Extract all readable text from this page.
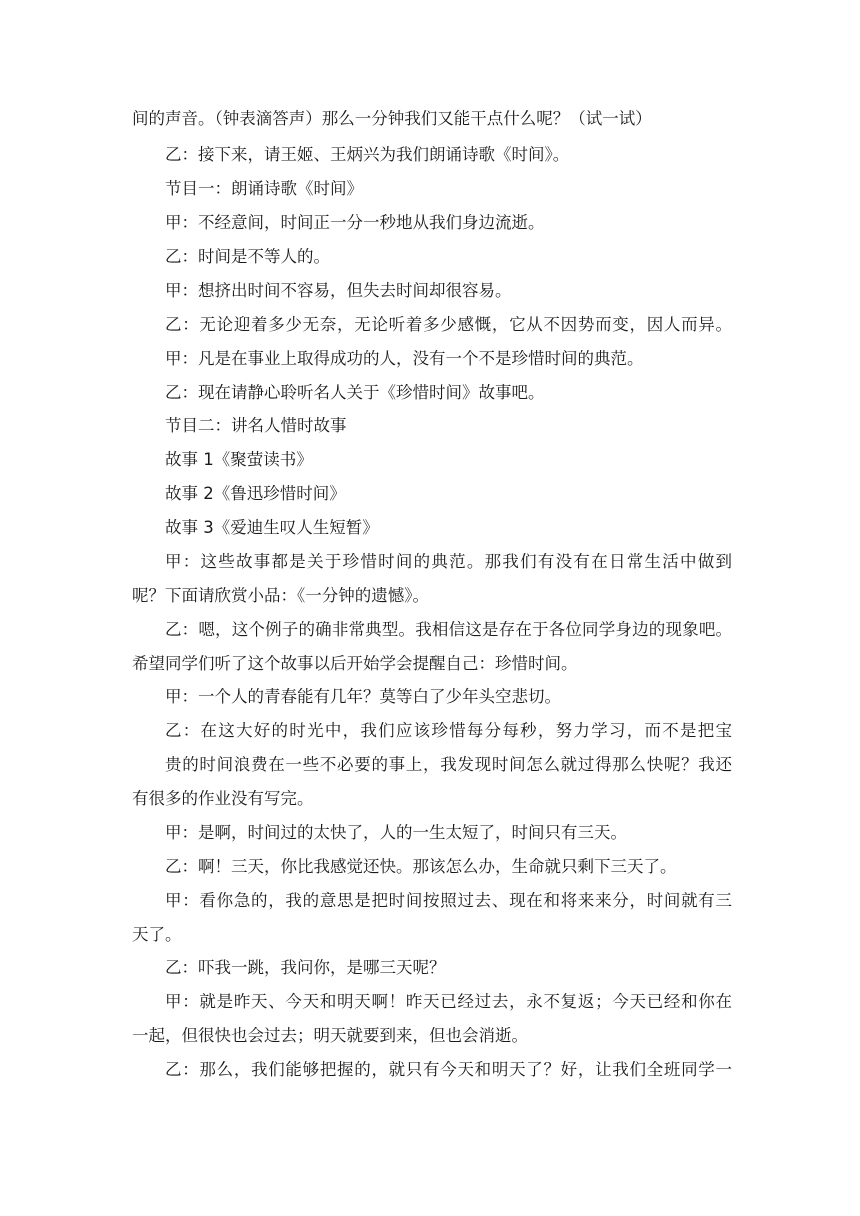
间的声音。（钟表滴答声）那么一分钟我们又能干点什么呢？（试一试）
乙：接下来，请王姬、王炳兴为我们朗诵诗歌《时间》。
节目一：朗诵诗歌《时间》
甲：不经意间，时间正一分一秒地从我们身边流逝。
乙：时间是不等人的。
甲：想挤出时间不容易，但失去时间却很容易。
乙：无论迎着多少无奈，无论听着多少感慨，它从不因势而变，因人而异。
甲：凡是在事业上取得成功的人，没有一个不是珍惜时间的典范。
乙：现在请静心聆听名人关于《珍惜时间》故事吧。
节目二：讲名人惜时故事
故事 1《聚萤读书》
故事 2《鲁迅珍惜时间》
故事 3《爱迪生叹人生短暂》
甲：这些故事都是关于珍惜时间的典范。那我们有没有在日常生活中做到
呢？下面请欣赏小品：《一分钟的遗憾》。
乙：嗯，这个例子的确非常典型。我相信这是存在于各位同学身边的现象吧。
希望同学们听了这个故事以后开始学会提醒自己：珍惜时间。
甲：一个人的青春能有几年？莫等白了少年头空悲切。
乙：在这大好的时光中，我们应该珍惜每分每秒，努力学习，而不是把宝
贵的时间浪费在一些不必要的事上，我发现时间怎么就过得那么快呢？我还
有很多的作业没有写完。
甲：是啊，时间过的太快了，人的一生太短了，时间只有三天。
乙：啊！三天，你比我感觉还快。那该怎么办，生命就只剩下三天了。
甲：看你急的，我的意思是把时间按照过去、现在和将来来分，时间就有三
天了。
乙：吓我一跳，我问你，是哪三天呢？
甲：就是昨天、今天和明天啊！昨天已经过去，永不复返；今天已经和你在
一起，但很快也会过去；明天就要到来，但也会消逝。
乙：那么，我们能够把握的，就只有今天和明天了？好，让我们全班同学一
